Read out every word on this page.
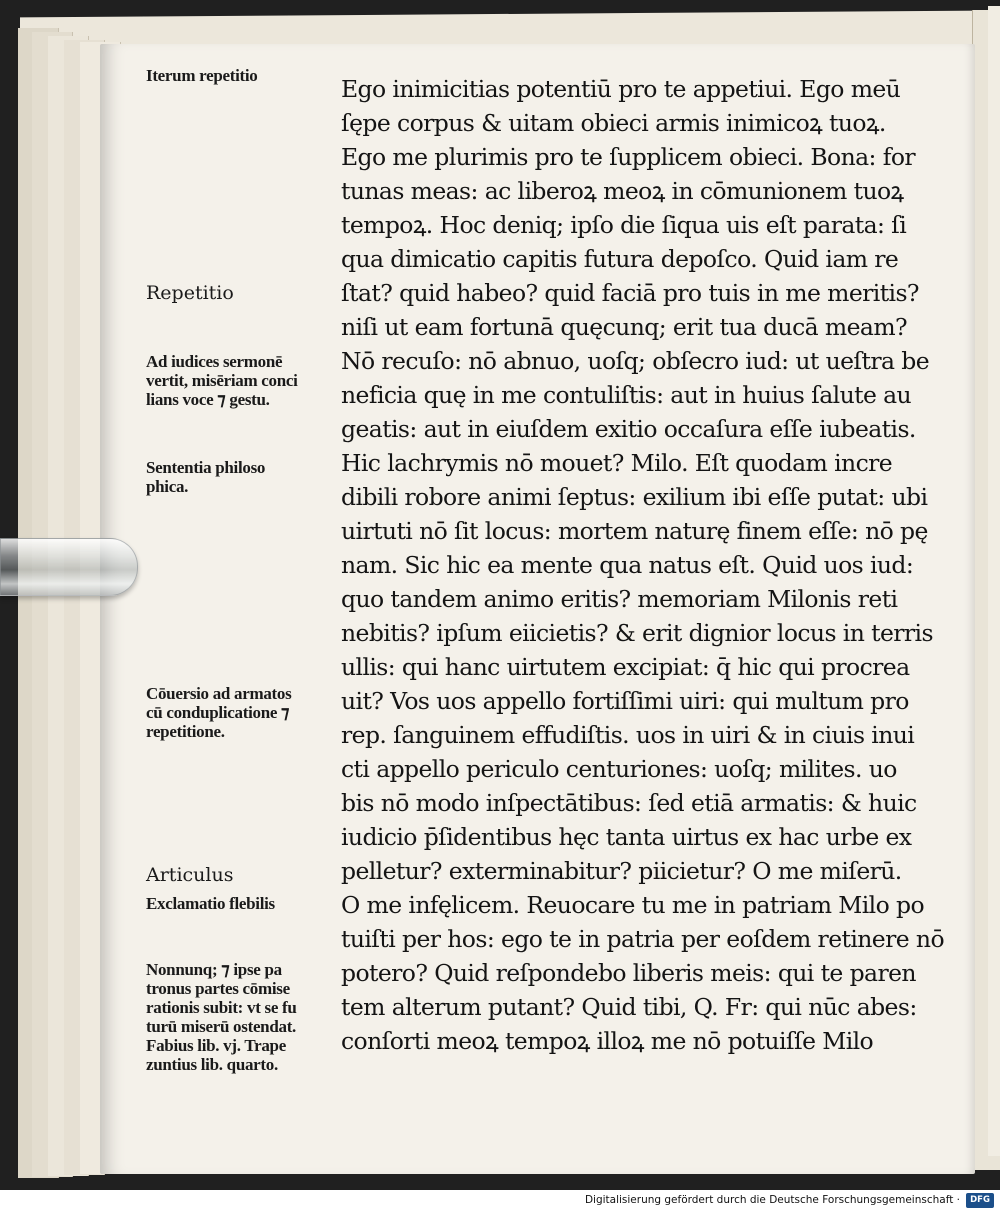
Iterum repetitio
Repetitio
Ad iudices sermonē
vertit, misēriam conci
lians voce ⁊ gestu.
Sententia philoso
phica.
Cōuersio ad armatos
cū conduplicatione ⁊
repetitione.
Articulus
Exclamatio flebilis
Nonnunq; ⁊ ipse pa
tronus partes cōmise
rationis subit: vt se fu
turū miserū ostendat.
Fabius lib. vj. Trape
zuntius lib. quarto.
Ego inimicitias potentiū pro te appetiui. Ego meū
ſępe corpus & uitam obieci armis inimicoꝝ tuoꝝ.
Ego me plurimis pro te ſupplicem obieci. Bona: for
tunas meas: ac liberoꝝ meoꝝ in cōmunionem tuoꝝ
tempoꝝ. Hoc deniq; ipſo die ſiqua uis eſt parata: ſi
qua dimicatio capitis futura depoſco. Quid iam re
ſtat? quid habeo? quid faciā pro tuis in me meritis?
niſi ut eam fortunā quęcunq; erit tua ducā meam?
Nō recuſo: nō abnuo, uoſq; obſecro iud: ut ueſtra be
neficia quę in me contuliſtis: aut in huius ſalute au
geatis: aut in eiuſdem exitio occaſura eſſe iubeatis.
Hic lachrymis nō mouet? Milo. Eſt quodam incre
dibili robore animi ſeptus: exilium ibi eſſe putat: ubi
uirtuti nō ſit locus: mortem naturę finem eſſe: nō pę
nam. Sic hic ea mente qua natus eſt. Quid uos iud:
quo tandem animo eritis? memoriam Milonis reti
nebitis? ipſum eiicietis? & erit dignior locus in terris
ullis: qui hanc uirtutem excipiat: q̄ hic qui procrea
uit? Vos uos appello fortiſſimi uiri: qui multum pro
rep. ſanguinem effudiſtis. uos in uiri & in ciuis inui
cti appello periculo centuriones: uoſq; milites. uo
bis nō modo inſpectātibus: ſed etiā armatis: & huic
iudicio p̄ſidentibus hęc tanta uirtus ex hac urbe ex
pelletur? exterminabitur? piicietur? O me miſerū.
O me infęlicem. Reuocare tu me in patriam Milo po
tuiſti per hos: ego te in patria per eoſdem retinere nō
potero? Quid reſpondebo liberis meis: qui te paren
tem alterum putant? Quid tibi, Q. Fr: qui nūc abes:
conſorti meoꝝ tempoꝝ illoꝝ me nō potuiſſe Milo
Digitalisierung gefördert durch die Deutsche Forschungsgemeinschaft ·	DFG
